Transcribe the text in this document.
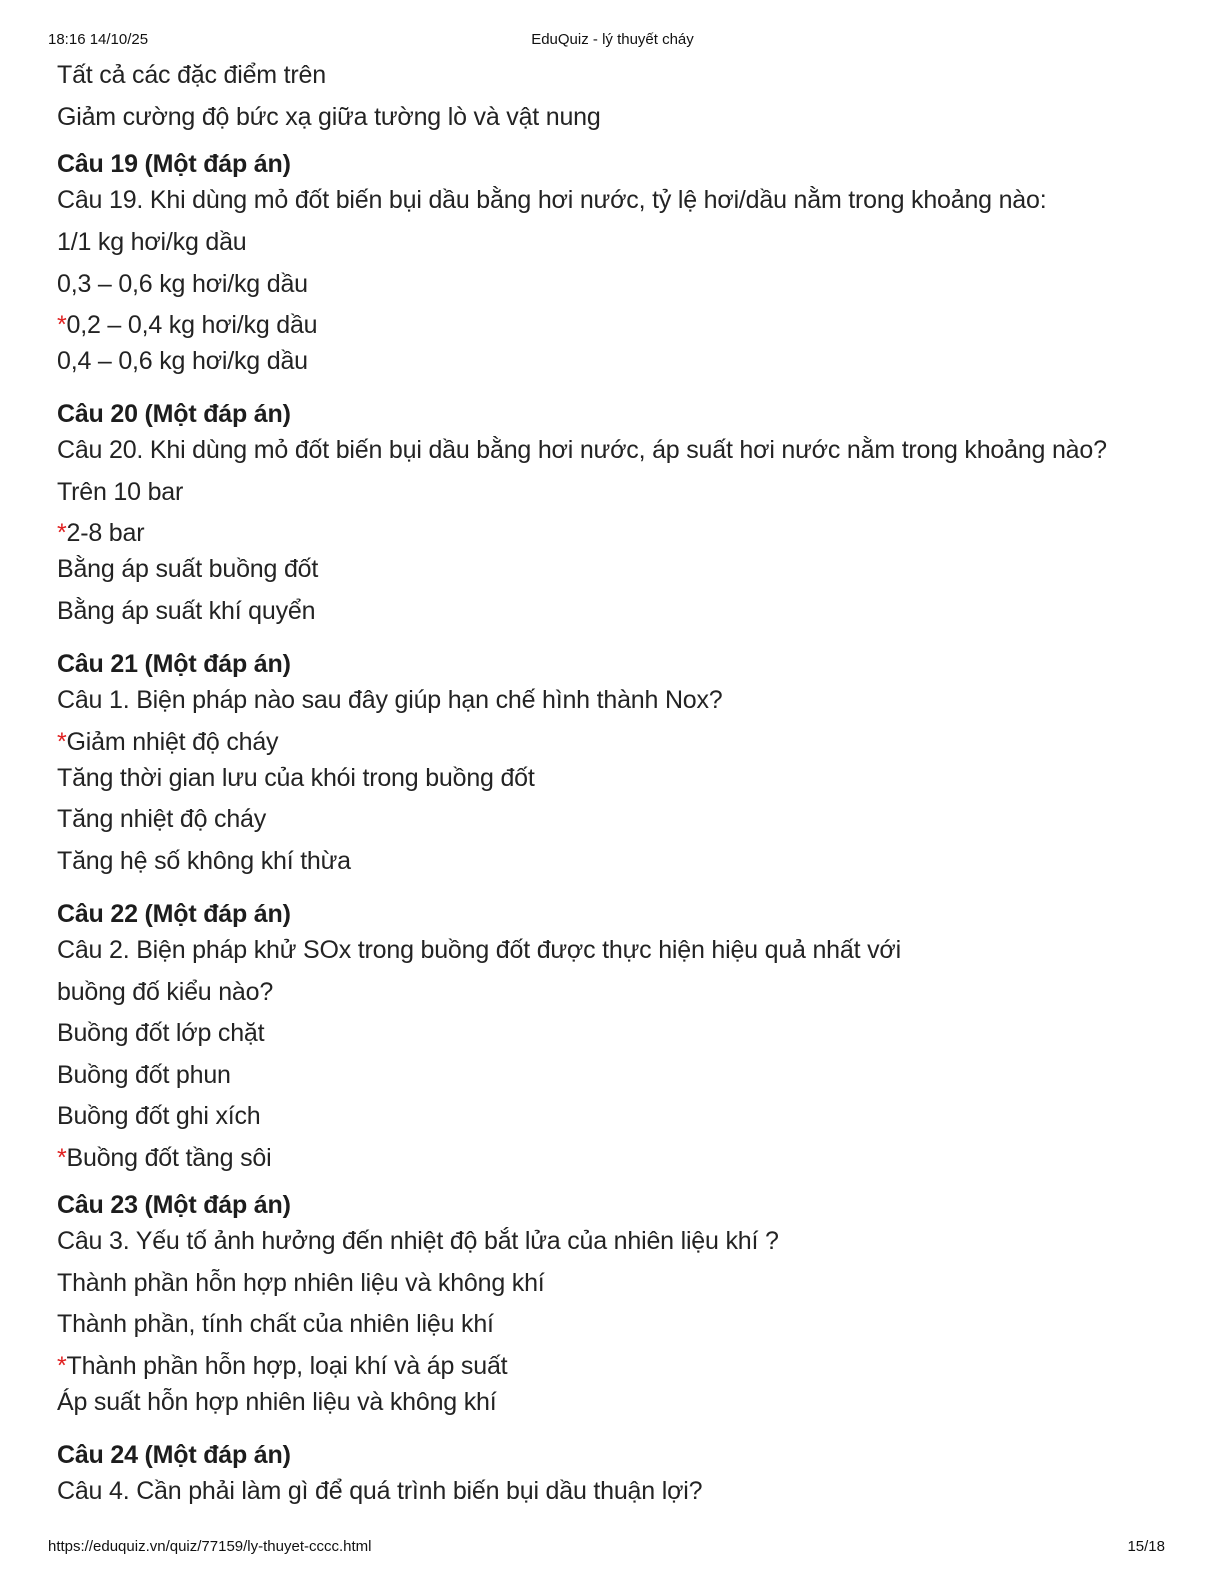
18:16 14/10/25	EduQuiz - lý thuyết cháy
Tất cả các đặc điểm trên
Giảm cường độ bức xạ giữa tường lò và vật nung
Câu 19 (Một đáp án)
Câu 19. Khi dùng mỏ đốt biến bụi dầu bằng hơi nước, tỷ lệ hơi/dầu nằm trong khoảng nào:
1/1 kg hơi/kg dầu
0,3 – 0,6 kg hơi/kg dầu
*0,2 – 0,4 kg hơi/kg dầu
0,4 – 0,6 kg hơi/kg dầu
Câu 20 (Một đáp án)
Câu 20. Khi dùng mỏ đốt biến bụi dầu bằng hơi nước, áp suất hơi nước nằm trong khoảng nào?
Trên 10 bar
*2-8 bar
Bằng áp suất buồng đốt
Bằng áp suất khí quyển
Câu 21 (Một đáp án)
Câu 1. Biện pháp nào sau đây giúp hạn chế hình thành Nox?
*Giảm nhiệt độ cháy
Tăng thời gian lưu của khói trong buồng đốt
Tăng nhiệt độ cháy
Tăng hệ số không khí thừa
Câu 22 (Một đáp án)
Câu 2. Biện pháp khử SOx trong buồng đốt được thực hiện hiệu quả nhất với
buồng đố kiểu nào?
Buồng đốt lớp chặt
Buồng đốt phun
Buồng đốt ghi xích
*Buồng đốt tầng sôi
Câu 23 (Một đáp án)
Câu 3. Yếu tố ảnh hưởng đến nhiệt độ bắt lửa của nhiên liệu khí ?
Thành phần hỗn hợp nhiên liệu và không khí
Thành phần, tính chất của nhiên liệu khí
*Thành phần hỗn hợp, loại khí và áp suất
Áp suất hỗn hợp nhiên liệu và không khí
Câu 24 (Một đáp án)
Câu 4. Cần phải làm gì để quá trình biến bụi dầu thuận lợi?
https://eduquiz.vn/quiz/77159/ly-thuyet-cccc.html	15/18
